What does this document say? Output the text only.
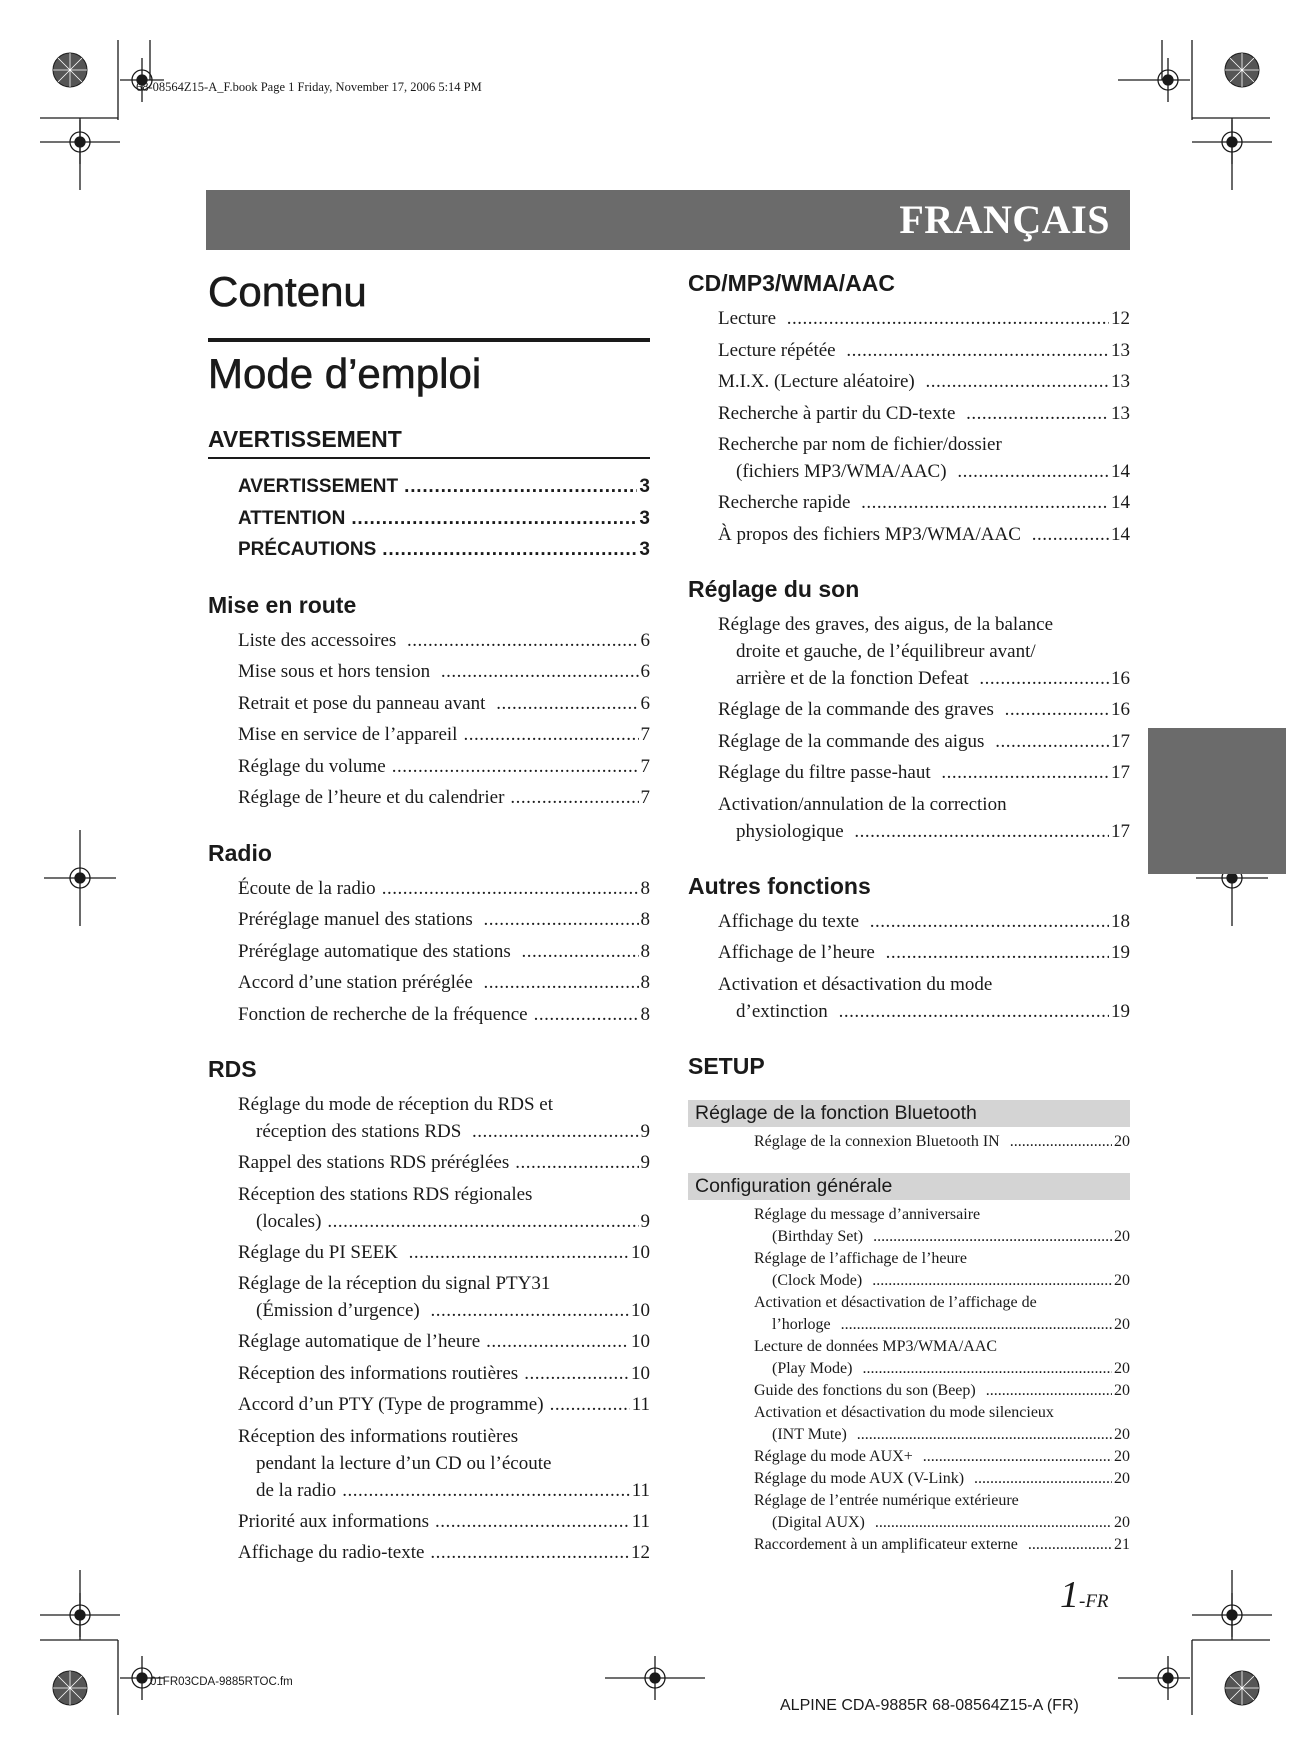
68-08564Z15-A_F.book Page 1 Friday, November 17, 2006 5:14 PM
FRANÇAIS
Contenu
Mode d’emploi
AVERTISSEMENT
AVERTISSEMENT .....	3
ATTENTION .....	3
PRÉCAUTIONS .....	3
Mise en route
Liste des accessoires .....	6
Mise sous et hors tension .....	6
Retrait et pose du panneau avant .....	6
Mise en service de l’appareil .....	7
Réglage du volume .....	7
Réglage de l’heure et du calendrier .....	7
Radio
Écoute de la radio .....	8
Préréglage manuel des stations .....	8
Préréglage automatique des stations .....	8
Accord d’une station préréglée .....	8
Fonction de recherche de la fréquence .....	8
RDS
Réglage du mode de réception du RDS et
réception des stations RDS .....	9
Rappel des stations RDS préréglées .....	9
Réception des stations RDS régionales
(locales) .....	9
Réglage du PI SEEK .....	10
Réglage de la réception du signal PTY31
(Émission d’urgence) .....	10
Réglage automatique de l’heure .....	10
Réception des informations routières .....	10
Accord d’un PTY (Type de programme) .....	11
Réception des informations routières
pendant la lecture d’un CD ou l’écoute
de la radio .....	11
Priorité aux informations .....	11
Affichage du radio-texte .....	12
CD/MP3/WMA/AAC
Lecture .....	12
Lecture répétée .....	13
M.I.X. (Lecture aléatoire) .....	13
Recherche à partir du CD-texte .....	13
Recherche par nom de fichier/dossier
(fichiers MP3/WMA/AAC) .....	14
Recherche rapide .....	14
À propos des fichiers MP3/WMA/AAC .....	14
Réglage du son
Réglage des graves, des aigus, de la balance
droite et gauche, de l’équilibreur avant/
arrière et de la fonction Defeat .....	16
Réglage de la commande des graves .....	16
Réglage de la commande des aigus .....	17
Réglage du filtre passe-haut .....	17
Activation/annulation de la correction
physiologique .....	17
Autres fonctions
Affichage du texte .....	18
Affichage de l’heure .....	19
Activation et désactivation du mode
d’extinction .....	19
SETUP
Réglage de la fonction Bluetooth
Réglage de la connexion Bluetooth IN .....	20
Configuration générale
Réglage du message d’anniversaire
(Birthday Set) .....	20
Réglage de l’affichage de l’heure
(Clock Mode) .....	20
Activation et désactivation de l’affichage de
l’horloge .....	20
Lecture de données MP3/WMA/AAC
(Play Mode) .....	20
Guide des fonctions du son (Beep) .....	20
Activation et désactivation du mode silencieux
(INT Mute) .....	20
Réglage du mode AUX+ .....	20
Réglage du mode AUX (V-Link) .....	20
Réglage de l’entrée numérique extérieure
(Digital AUX) .....	20
Raccordement à un amplificateur externe .....	21
1-FR
01FR03CDA-9885RTOC.fm
ALPINE CDA-9885R 68-08564Z15-A (FR)
